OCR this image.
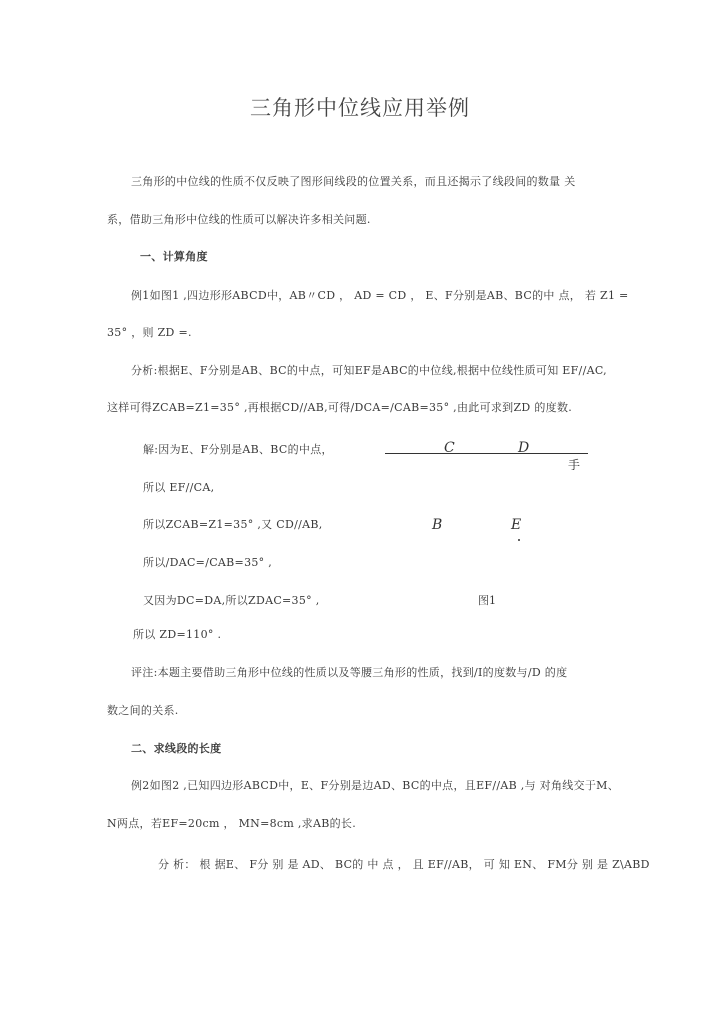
三角形中位线应用举例
三角形的中位线的性质不仅反映了图形间线段的位置关系，而且还揭示了线段间的数量 关
系，借助三角形中位线的性质可以解决许多相关问题.
一、计算角度
例1如图1 ,四边形形ABCD中，AB〃CD ， AD = CD ， E、F分别是AB、BC的中 点， 若 Z1 =
35° ，则 ZD =.
分析:根据E、F分别是AB、BC的中点，可知EF是ABC的中位线,根据中位线性质可知 EF//AC,
这样可得ZCAB=Z1=35° ,再根据CD//AB,可得/DCA=/CAB=35° ,由此可求到ZD 的度数.
解:因为E、F分别是AB、BC的中点，
所以 EF//CA,
所以ZCAB=Z1=35° ,又 CD//AB,
所以/DAC=/CAB=35° ,
又因为DC=DA,所以ZDAC=35° ,
所以 ZD=110° .
C	D
手
B	E
图1
评注:本题主要借助三角形中位线的性质以及等腰三角形的性质，找到/I的度数与/D 的度
数之间的关系.
二、求线段的长度
例2如图2 ,已知四边形ABCD中，E、F分别是边AD、BC的中点，且EF//AB ,与 对角线交于M、
N两点，若EF=20cm ， MN=8cm ,求AB的长.
分 析： 根 据E、 F分 别 是 AD、 BC的 中 点 ， 且 EF//AB， 可 知 EN、 FM分 别 是 Z\ABD
